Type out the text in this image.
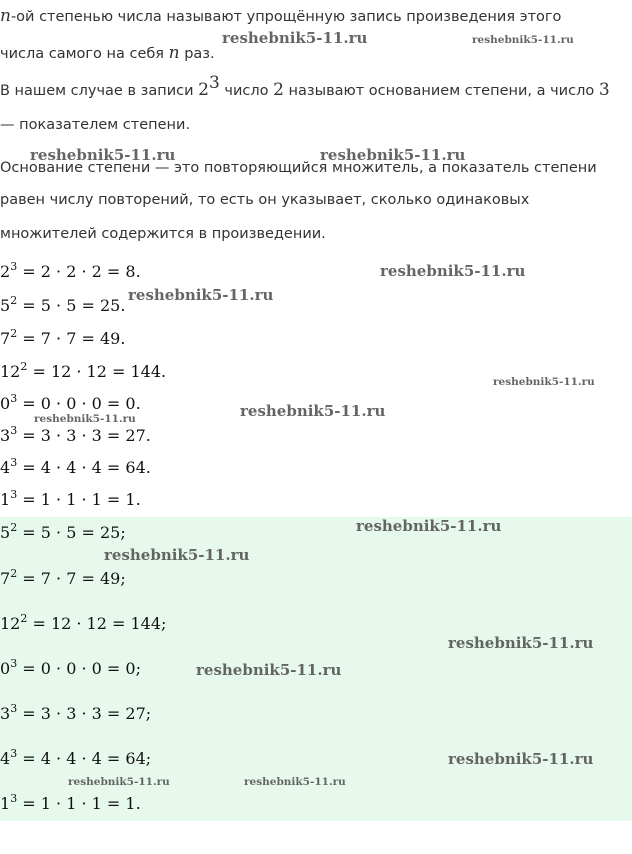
n-ой степенью числа называют упрощённую запись произведения этого

числа самого на себя n раз.

В нашем случае в записи $2^3$ число 2 называют основанием степени, а число 3

— показателем степени.

Основание степени — это повторяющийся множитель, а показатель степени

равен числу повторений, то есть он указывает, сколько одинаковых

множителей содержится в произведении.

$2^3 = 2 \cdot 2 \cdot 2 = 8$.
$5^2 = 5 \cdot 5 = 25$.
$7^2 = 7 \cdot 7 = 49$.
$12^2 = 12 \cdot 12 = 144$.
$0^3 = 0 \cdot 0 \cdot 0 = 0$.
$3^3 = 3 \cdot 3 \cdot 3 = 27$.
$4^3 = 4 \cdot 4 \cdot 4 = 64$.
$1^3 = 1 \cdot 1 \cdot 1 = 1$.
$5^2 = 5 \cdot 5 = 25$;
$7^2 = 7 \cdot 7 = 49$;
$12^2 = 12 \cdot 12 = 144$;
$0^3 = 0 \cdot 0 \cdot 0 = 0$;
$3^3 = 3 \cdot 3 \cdot 3 = 27$;
$4^3 = 4 \cdot 4 \cdot 4 = 64$;
$1^3 = 1 \cdot 1 \cdot 1 = 1$.
reshebnik5-11.ru	reshebnik5-11.ru
reshebnik5-11.ru	reshebnik5-11.ru
reshebnik5-11.ru
reshebnik5-11.ru
reshebnik5-11.ru
reshebnik5-11.ru
reshebnik5-11.ru
reshebnik5-11.ru
reshebnik5-11.ru
reshebnik5-11.ru
reshebnik5-11.ru
reshebnik5-11.ru
reshebnik5-11.ru	reshebnik5-11.ru
